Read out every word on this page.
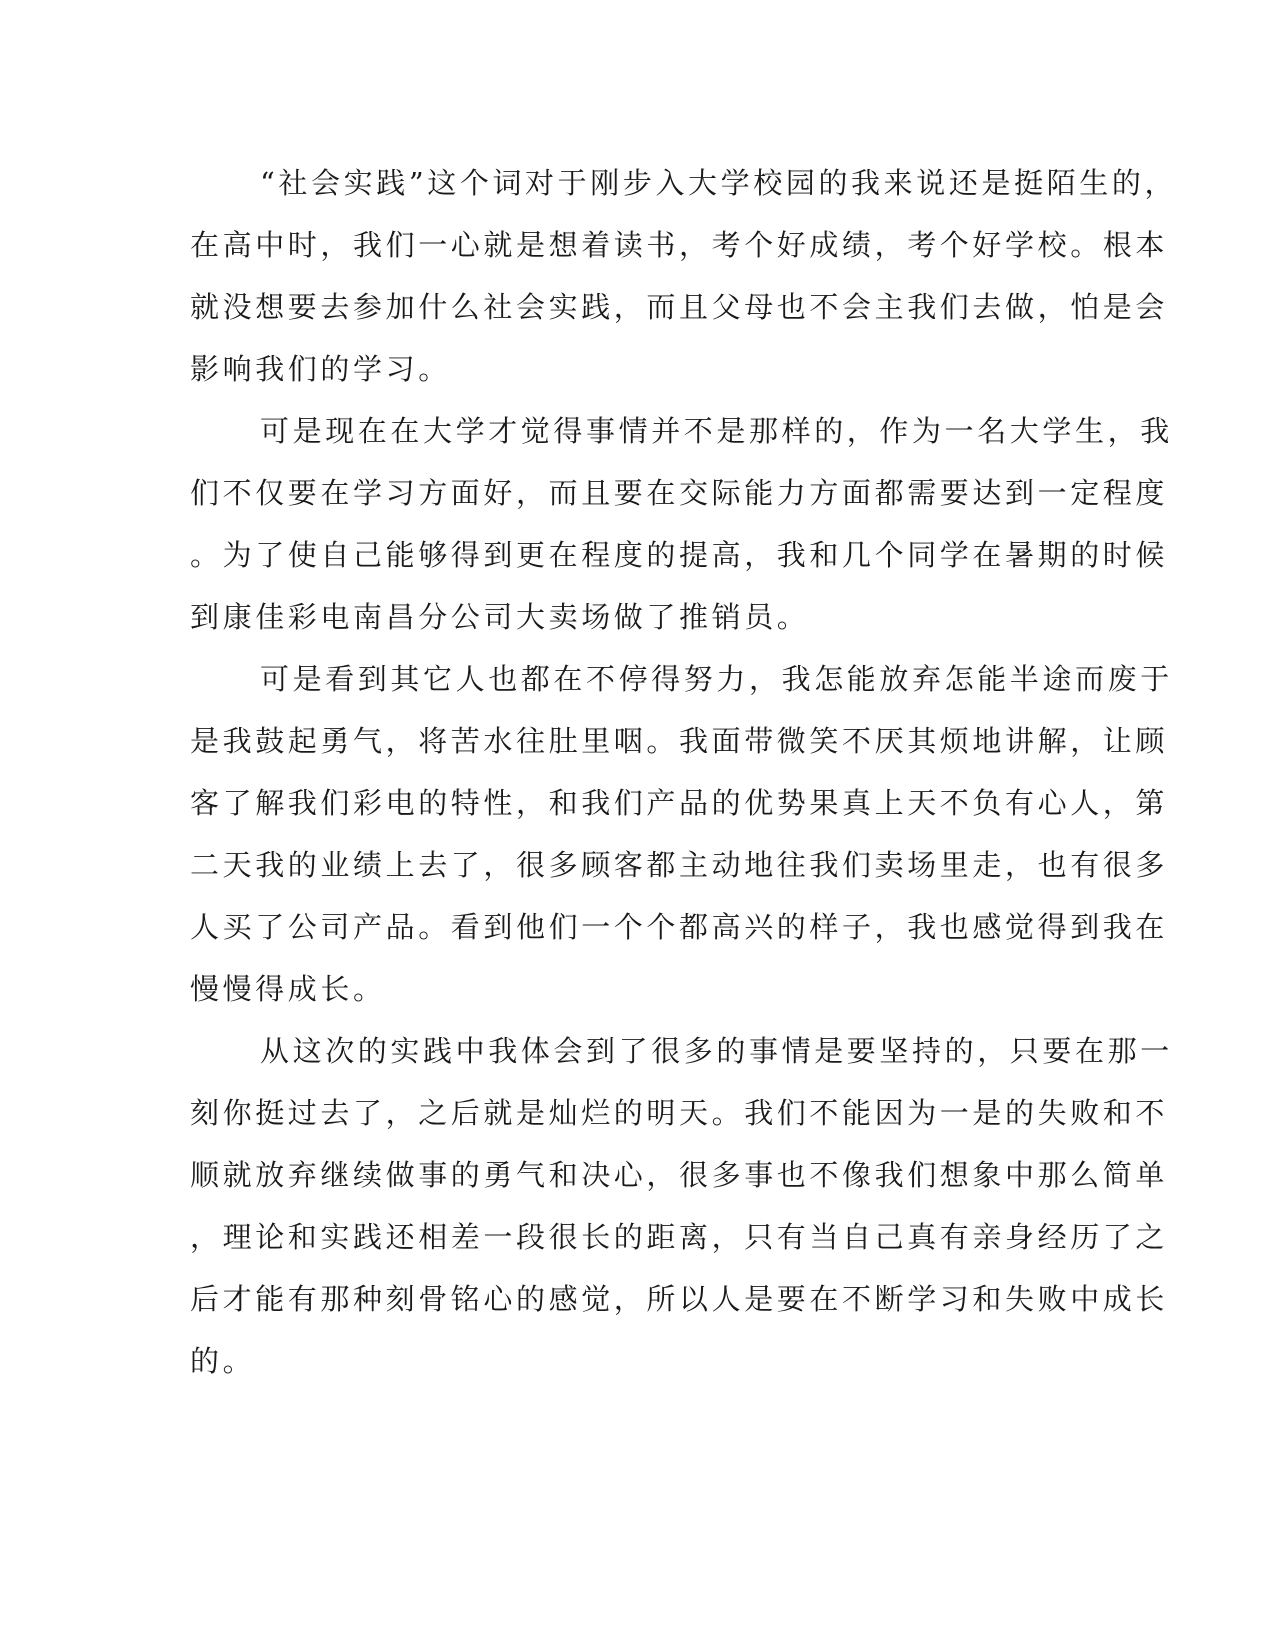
“社会实践”这个词对于刚步入大学校园的我来说还是挺陌生的，
在高中时，我们一心就是想着读书，考个好成绩，考个好学校。根本
就没想要去参加什么社会实践，而且父母也不会主我们去做，怕是会
影响我们的学习。
可是现在在大学才觉得事情并不是那样的，作为一名大学生，我
们不仅要在学习方面好，而且要在交际能力方面都需要达到一定程度
。为了使自己能够得到更在程度的提高，我和几个同学在暑期的时候
到康佳彩电南昌分公司大卖场做了推销员。
可是看到其它人也都在不停得努力，我怎能放弃怎能半途而废于
是我鼓起勇气，将苦水往肚里咽。我面带微笑不厌其烦地讲解，让顾
客了解我们彩电的特性，和我们产品的优势果真上天不负有心人，第
二天我的业绩上去了，很多顾客都主动地往我们卖场里走，也有很多
人买了公司产品。看到他们一个个都高兴的样子，我也感觉得到我在
慢慢得成长。
从这次的实践中我体会到了很多的事情是要坚持的，只要在那一
刻你挺过去了，之后就是灿烂的明天。我们不能因为一是的失败和不
顺就放弃继续做事的勇气和决心，很多事也不像我们想象中那么简单
，理论和实践还相差一段很长的距离，只有当自己真有亲身经历了之
后才能有那种刻骨铭心的感觉，所以人是要在不断学习和失败中成长
的。
